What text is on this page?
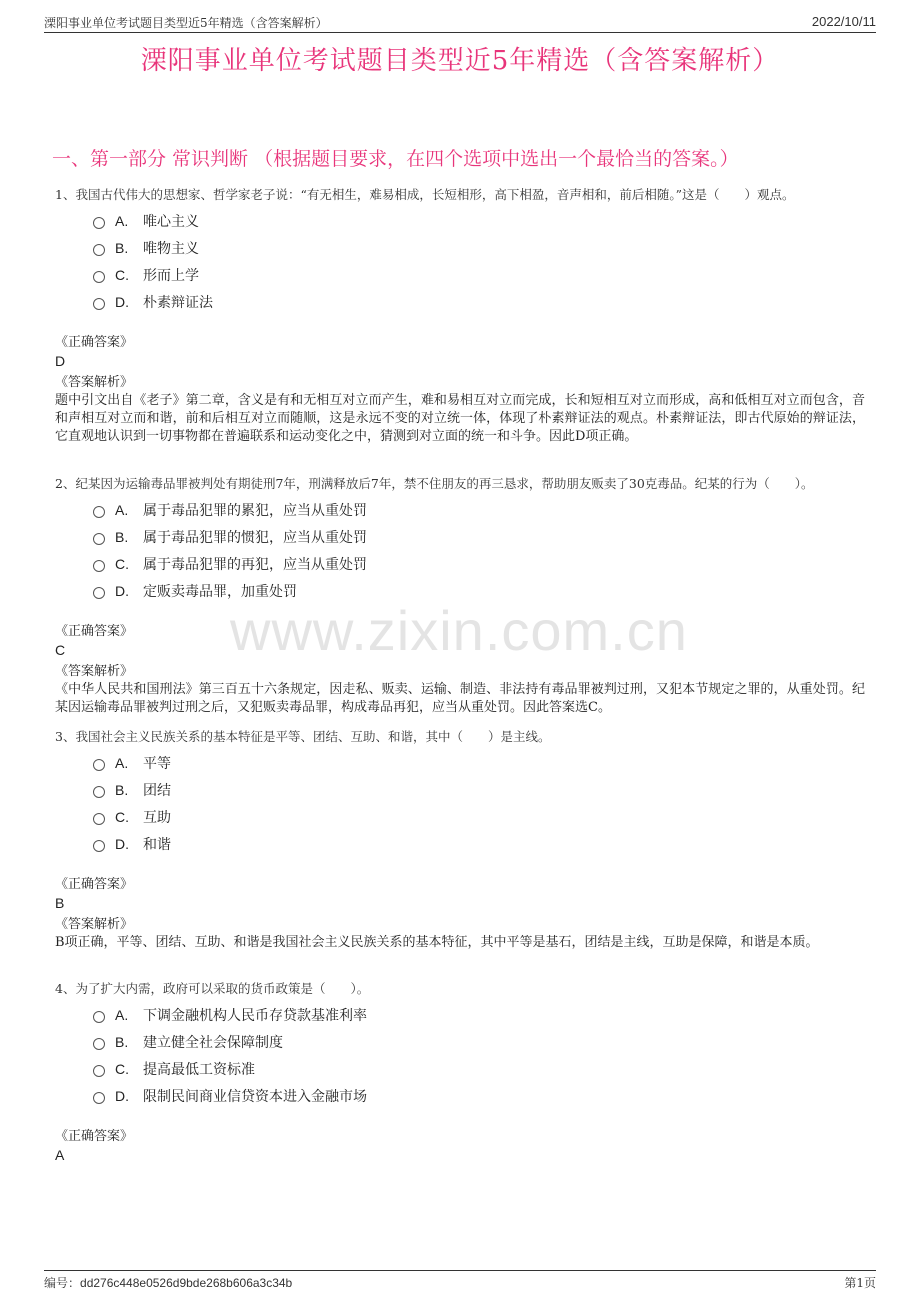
溧阳事业单位考试题目类型近5年精选（含答案解析）	2022/10/11
溧阳事业单位考试题目类型近5年精选（含答案解析）
一、第一部分 常识判断 （根据题目要求，在四个选项中选出一个最恰当的答案。）
www.zixin.com.cn
1、我国古代伟大的思想家、哲学家老子说：“有无相生，难易相成，长短相形，高下相盈，音声相和，前后相随。”这是（　　）观点。
A. 唯心主义
B. 唯物主义
C. 形而上学
D. 朴素辩证法
《正确答案》
D
《答案解析》
题中引文出自《老子》第二章，含义是有和无相互对立而产生，难和易相互对立而完成，长和短相互对立而形成，高和低相互对立而包含，音和声相互对立而和谐，前和后相互对立而随顺，这是永远不变的对立统一体，体现了朴素辩证法的观点。朴素辩证法，即古代原始的辩证法，它直观地认识到一切事物都在普遍联系和运动变化之中，猜测到对立面的统一和斗争。因此D项正确。
2、纪某因为运输毒品罪被判处有期徒刑7年，刑满释放后7年，禁不住朋友的再三恳求，帮助朋友贩卖了30克毒品。纪某的行为（　　）。
A. 属于毒品犯罪的累犯，应当从重处罚
B. 属于毒品犯罪的惯犯，应当从重处罚
C. 属于毒品犯罪的再犯，应当从重处罚
D. 定贩卖毒品罪，加重处罚
《正确答案》
C
《答案解析》
《中华人民共和国刑法》第三百五十六条规定，因走私、贩卖、运输、制造、非法持有毒品罪被判过刑，又犯本节规定之罪的，从重处罚。纪某因运输毒品罪被判过刑之后，又犯贩卖毒品罪，构成毒品再犯，应当从重处罚。因此答案选C。
3、我国社会主义民族关系的基本特征是平等、团结、互助、和谐，其中（　　）是主线。
A. 平等
B. 团结
C. 互助
D. 和谐
《正确答案》
B
《答案解析》
B项正确，平等、团结、互助、和谐是我国社会主义民族关系的基本特征，其中平等是基石，团结是主线，互助是保障，和谐是本质。
4、为了扩大内需，政府可以采取的货币政策是（　　）。
A. 下调金融机构人民币存贷款基准利率
B. 建立健全社会保障制度
C. 提高最低工资标准
D. 限制民间商业信贷资本进入金融市场
《正确答案》
A
编号：dd276c448e0526d9bde268b606a3c34b	第1页
